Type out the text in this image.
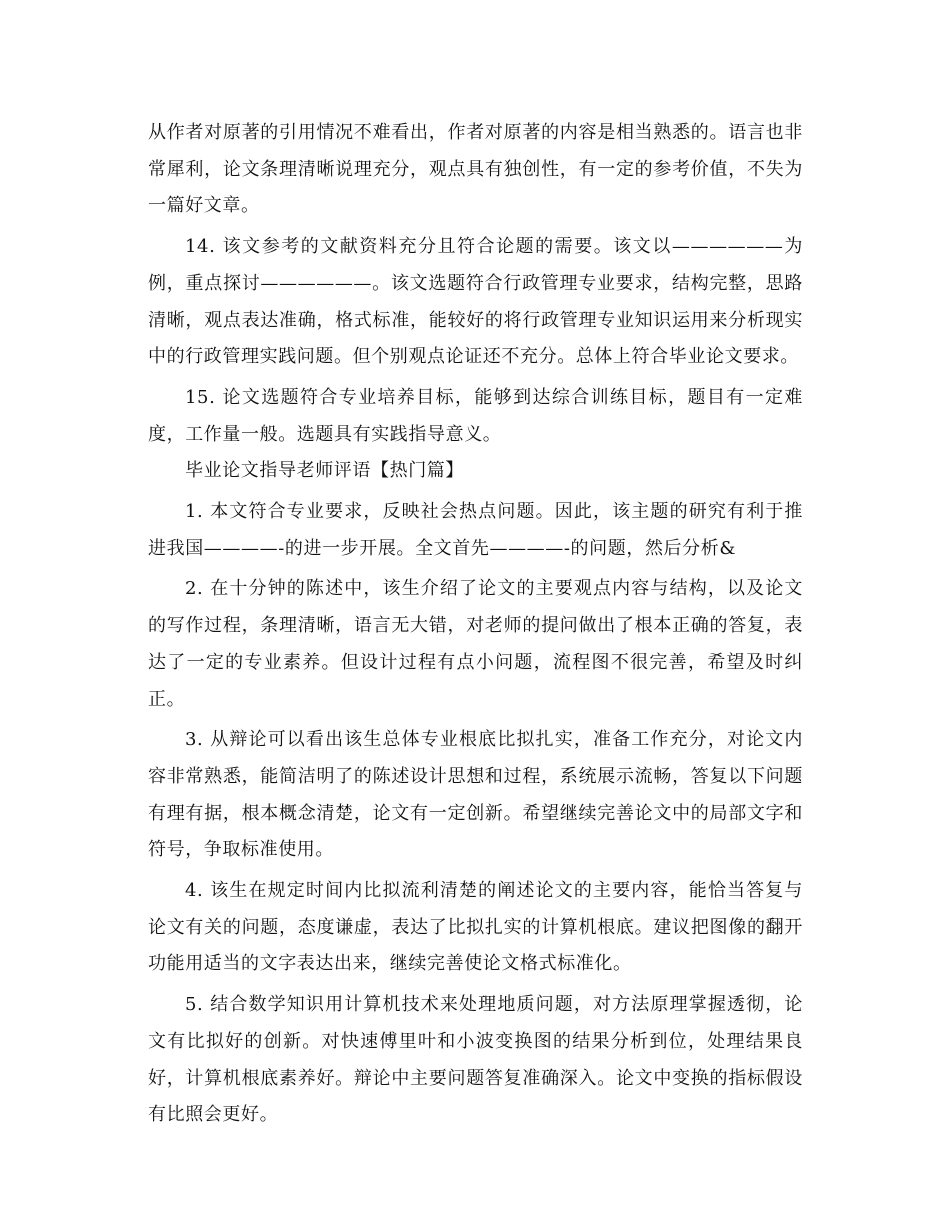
从作者对原著的引用情况不难看出，作者对原著的内容是相当熟悉的。语言也非常犀利，论文条理清晰说理充分，观点具有独创性，有一定的参考价值，不失为一篇好文章。

14. 该文参考的文献资料充分且符合论题的需要。该文以——————为例，重点探讨——————。该文选题符合行政管理专业要求，结构完整，思路清晰，观点表达准确，格式标准，能较好的将行政管理专业知识运用来分析现实中的行政管理实践问题。但个别观点论证还不充分。总体上符合毕业论文要求。

15. 论文选题符合专业培养目标，能够到达综合训练目标，题目有一定难度，工作量一般。选题具有实践指导意义。

毕业论文指导老师评语【热门篇】

1. 本文符合专业要求，反映社会热点问题。因此，该主题的研究有利于推进我国————-的进一步开展。全文首先————-的问题，然后分析&

2. 在十分钟的陈述中，该生介绍了论文的主要观点内容与结构，以及论文的写作过程，条理清晰，语言无大错，对老师的提问做出了根本正确的答复，表达了一定的专业素养。但设计过程有点小问题，流程图不很完善，希望及时纠正。

3. 从辩论可以看出该生总体专业根底比拟扎实，准备工作充分，对论文内容非常熟悉，能简洁明了的陈述设计思想和过程，系统展示流畅，答复以下问题有理有据，根本概念清楚，论文有一定创新。希望继续完善论文中的局部文字和符号，争取标准使用。

4. 该生在规定时间内比拟流利清楚的阐述论文的主要内容，能恰当答复与论文有关的问题，态度谦虚，表达了比拟扎实的计算机根底。建议把图像的翻开功能用适当的文字表达出来，继续完善使论文格式标准化。

5. 结合数学知识用计算机技术来处理地质问题，对方法原理掌握透彻，论文有比拟好的创新。对快速傅里叶和小波变换图的结果分析到位，处理结果良好，计算机根底素养好。辩论中主要问题答复准确深入。论文中变换的指标假设有比照会更好。
